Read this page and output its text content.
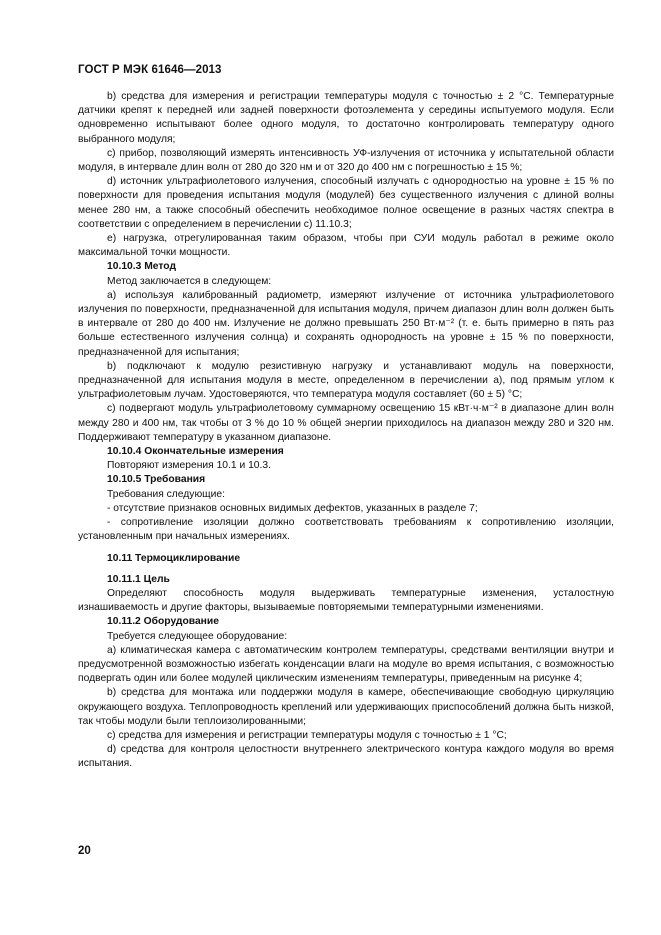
ГОСТ Р МЭК 61646—2013

b) средства для измерения и регистрации температуры модуля с точностью ± 2 °С. Температурные датчики крепят к передней или задней поверхности фотоэлемента у середины испытуемого модуля. Если одновременно испытывают более одного модуля, то достаточно контролировать температуру одного выбранного модуля;

c) прибор, позволяющий измерять интенсивность УФ-излучения от источника у испытательной области модуля, в интервале длин волн от 280 до 320 нм и от 320 до 400 нм с погрешностью ± 15 %;

d) источник ультрафиолетового излучения, способный излучать с однородностью на уровне ± 15 % по поверхности для проведения испытания модуля (модулей) без существенного излучения с длиной волны менее 280 нм, а также способный обеспечить необходимое полное освещение в разных частях спектра в соответствии с определением в перечислении с) 11.10.3;

e) нагрузка, отрегулированная таким образом, чтобы при СУИ модуль работал в режиме около максимальной точки мощности.

10.10.3 Метод

Метод заключается в следующем:

a) используя калиброванный радиометр, измеряют излучение от источника ультрафиолетового излучения по поверхности, предназначенной для испытания модуля, причем диапазон длин волн должен быть в интервале от 280 до 400 нм. Излучение не должно превышать 250 Вт·м⁻² (т. е. быть примерно в пять раз больше естественного излучения солнца) и сохранять однородность на уровне ± 15 % по поверхности, предназначенной для испытания;

b) подключают к модулю резистивную нагрузку и устанавливают модуль на поверхности, предназначенной для испытания модуля в месте, определенном в перечислении а), под прямым углом к ультрафиолетовым лучам. Удостоверяются, что температура модуля составляет (60 ± 5) °С;

c) подвергают модуль ультрафиолетовому суммарному освещению 15 кВт·ч·м⁻² в диапазоне длин волн между 280 и 400 нм, так чтобы от 3 % до 10 % общей энергии приходилось на диапазон между 280 и 320 нм. Поддерживают температуру в указанном диапазоне.

10.10.4 Окончательные измерения

Повторяют измерения 10.1 и 10.3.

10.10.5 Требования

Требования следующие:

- отсутствие признаков основных видимых дефектов, указанных в разделе 7;

- сопротивление изоляции должно соответствовать требованиям к сопротивлению изоляции, установленным при начальных измерениях.

10.11 Термоциклирование

10.11.1 Цель

Определяют способность модуля выдерживать температурные изменения, усталостную изнашиваемость и другие факторы, вызываемые повторяемыми температурными изменениями.

10.11.2 Оборудование

Требуется следующее оборудование:

a) климатическая камера с автоматическим контролем температуры, средствами вентиляции внутри и предусмотренной возможностью избегать конденсации влаги на модуле во время испытания, с возможностью подвергать один или более модулей циклическим изменениям температуры, приведенным на рисунке 4;

b) средства для монтажа или поддержки модуля в камере, обеспечивающие свободную циркуляцию окружающего воздуха. Теплопроводность креплений или удерживающих приспособлений должна быть низкой, так чтобы модули были теплоизолированными;

c) средства для измерения и регистрации температуры модуля с точностью ± 1 °С;

d) средства для контроля целостности внутреннего электрического контура каждого модуля во время испытания.

20
